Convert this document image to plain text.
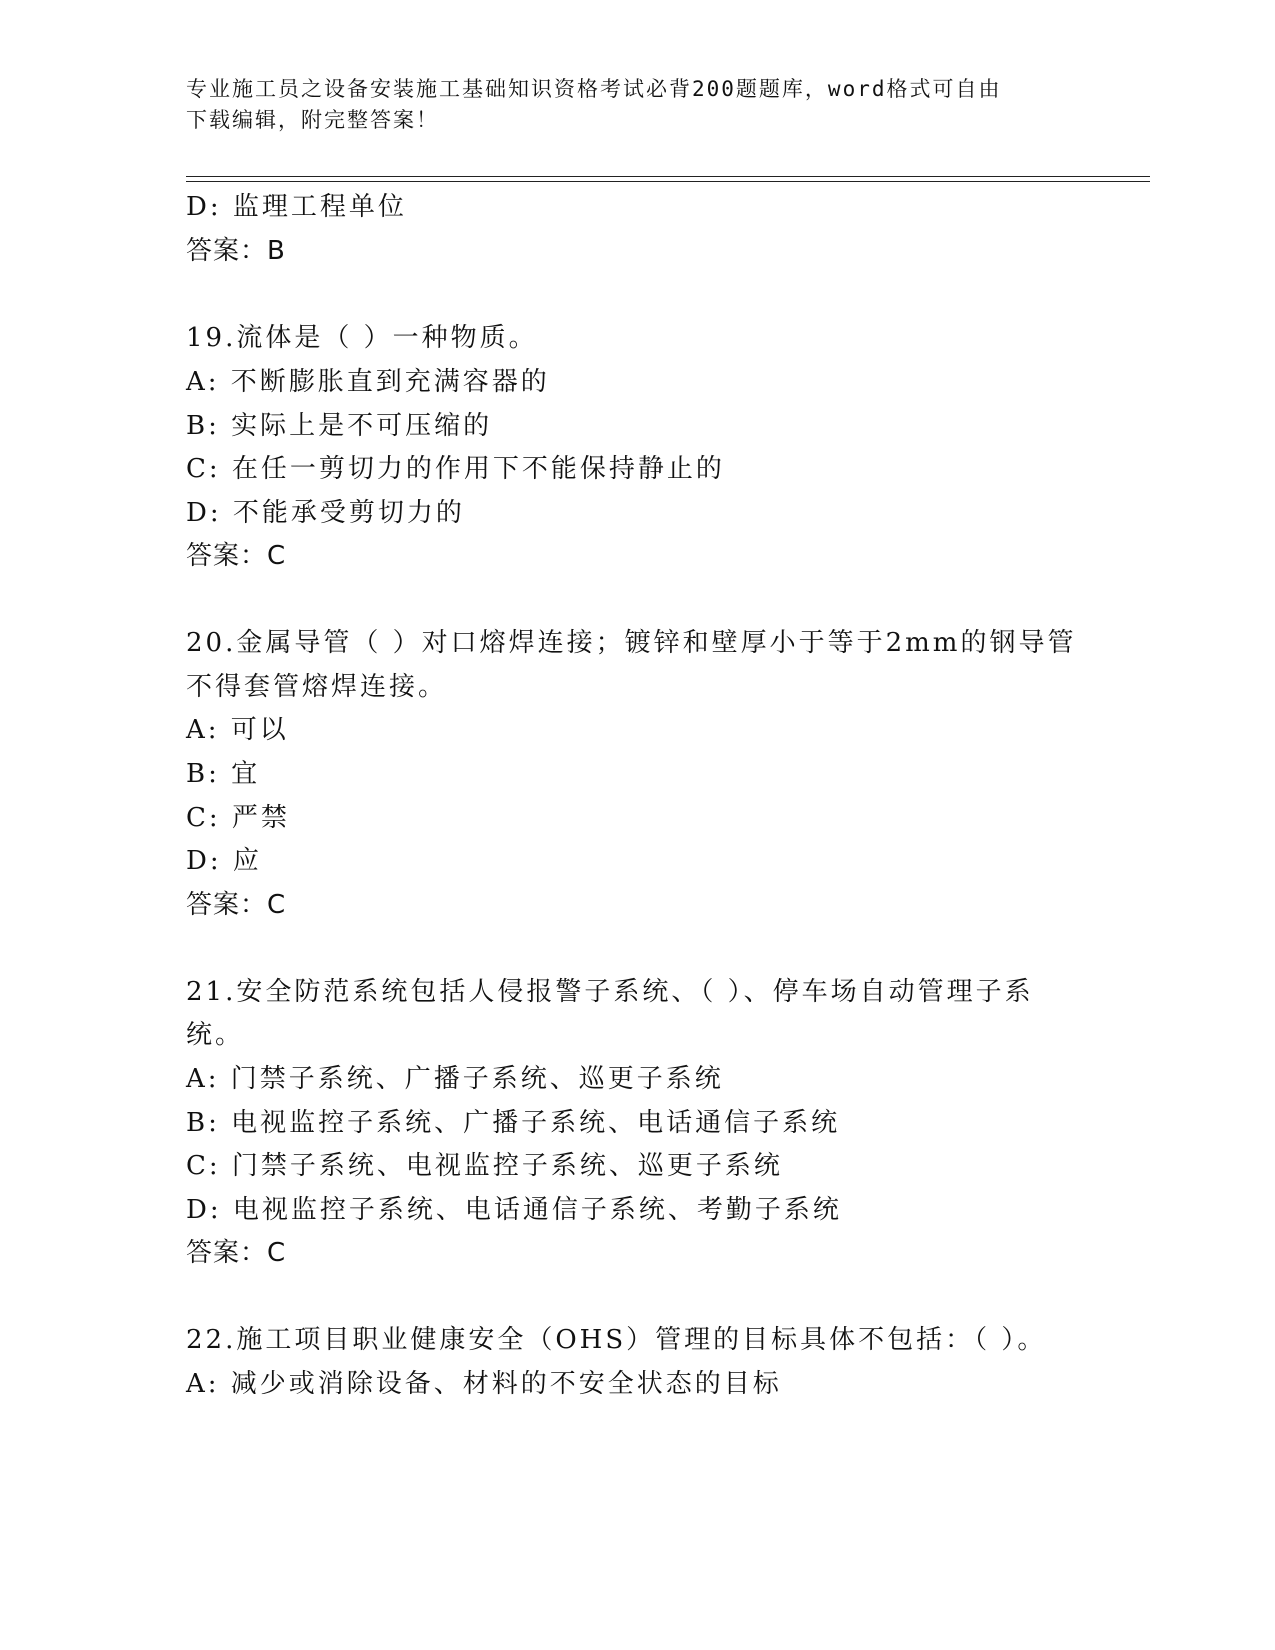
专业施工员之设备安装施工基础知识资格考试必背200题题库，word格式可自由
下载编辑，附完整答案！
D: 监理工程单位
答案：B
19.流体是（ ）一种物质。
A: 不断膨胀直到充满容器的
B: 实际上是不可压缩的
C: 在任一剪切力的作用下不能保持静止的
D: 不能承受剪切力的
答案：C
20.金属导管（ ）对口熔焊连接；镀锌和壁厚小于等于2mm的钢导管
不得套管熔焊连接。
A: 可以
B: 宜
C: 严禁
D: 应
答案：C
21.安全防范系统包括人侵报警子系统、（ ）、停车场自动管理子系
统。
A: 门禁子系统、广播子系统、巡更子系统
B: 电视监控子系统、广播子系统、电话通信子系统
C: 门禁子系统、电视监控子系统、巡更子系统
D: 电视监控子系统、电话通信子系统、考勤子系统
答案：C
22.施工项目职业健康安全（OHS）管理的目标具体不包括：（ ）。
A: 减少或消除设备、材料的不安全状态的目标
